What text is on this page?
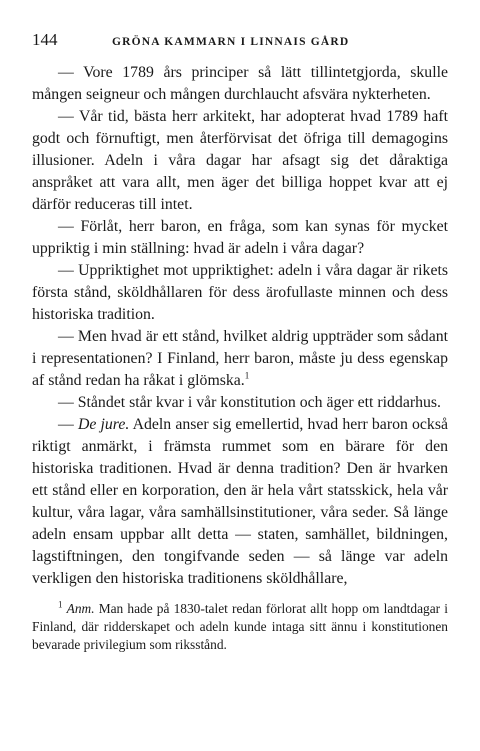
144	GRÖNA KAMMARN I LINNAIS GÅRD

— Vore 1789 års principer så lätt tillintetgjorda, skulle mången seigneur och mången durchlaucht afsvära nykterheten.

— Vår tid, bästa herr arkitekt, har adopterat hvad 1789 haft godt och förnuftigt, men återförvisat det öfriga till demagogins illusioner. Adeln i våra dagar har afsagt sig det dåraktiga anspråket att vara allt, men äger det billiga hoppet kvar att ej därför reduceras till intet.

— Förlåt, herr baron, en fråga, som kan synas för mycket uppriktig i min ställning: hvad är adeln i våra dagar?

— Uppriktighet mot uppriktighet: adeln i våra dagar är rikets första stånd, sköldhållaren för dess ärofullaste minnen och dess historiska tradition.

— Men hvad är ett stånd, hvilket aldrig uppträder som sådant i representationen? I Finland, herr baron, måste ju dess egenskap af stånd redan ha råkat i glömska.$^1$

— Ståndet står kvar i vår konstitution och äger ett riddarhus.

— De jure. Adeln anser sig emellertid, hvad herr baron också riktigt anmärkt, i främsta rummet som en bärare för den historiska traditionen. Hvad är denna tradition? Den är hvarken ett stånd eller en korporation, den är hela vårt statsskick, hela vår kultur, våra lagar, våra samhällsinstitutioner, våra seder. Så länge adeln ensam uppbar allt detta — staten, samhället, bildningen, lagstiftningen, den tongifvande seden — så länge var adeln verkligen den historiska traditionens sköldhållare,

$^1$ Anm. Man hade på 1830-talet redan förlorat allt hopp om landtdagar i Finland, där ridderskapet och adeln kunde intaga sitt ännu i konstitutionen bevarade privilegium som riksstånd.
